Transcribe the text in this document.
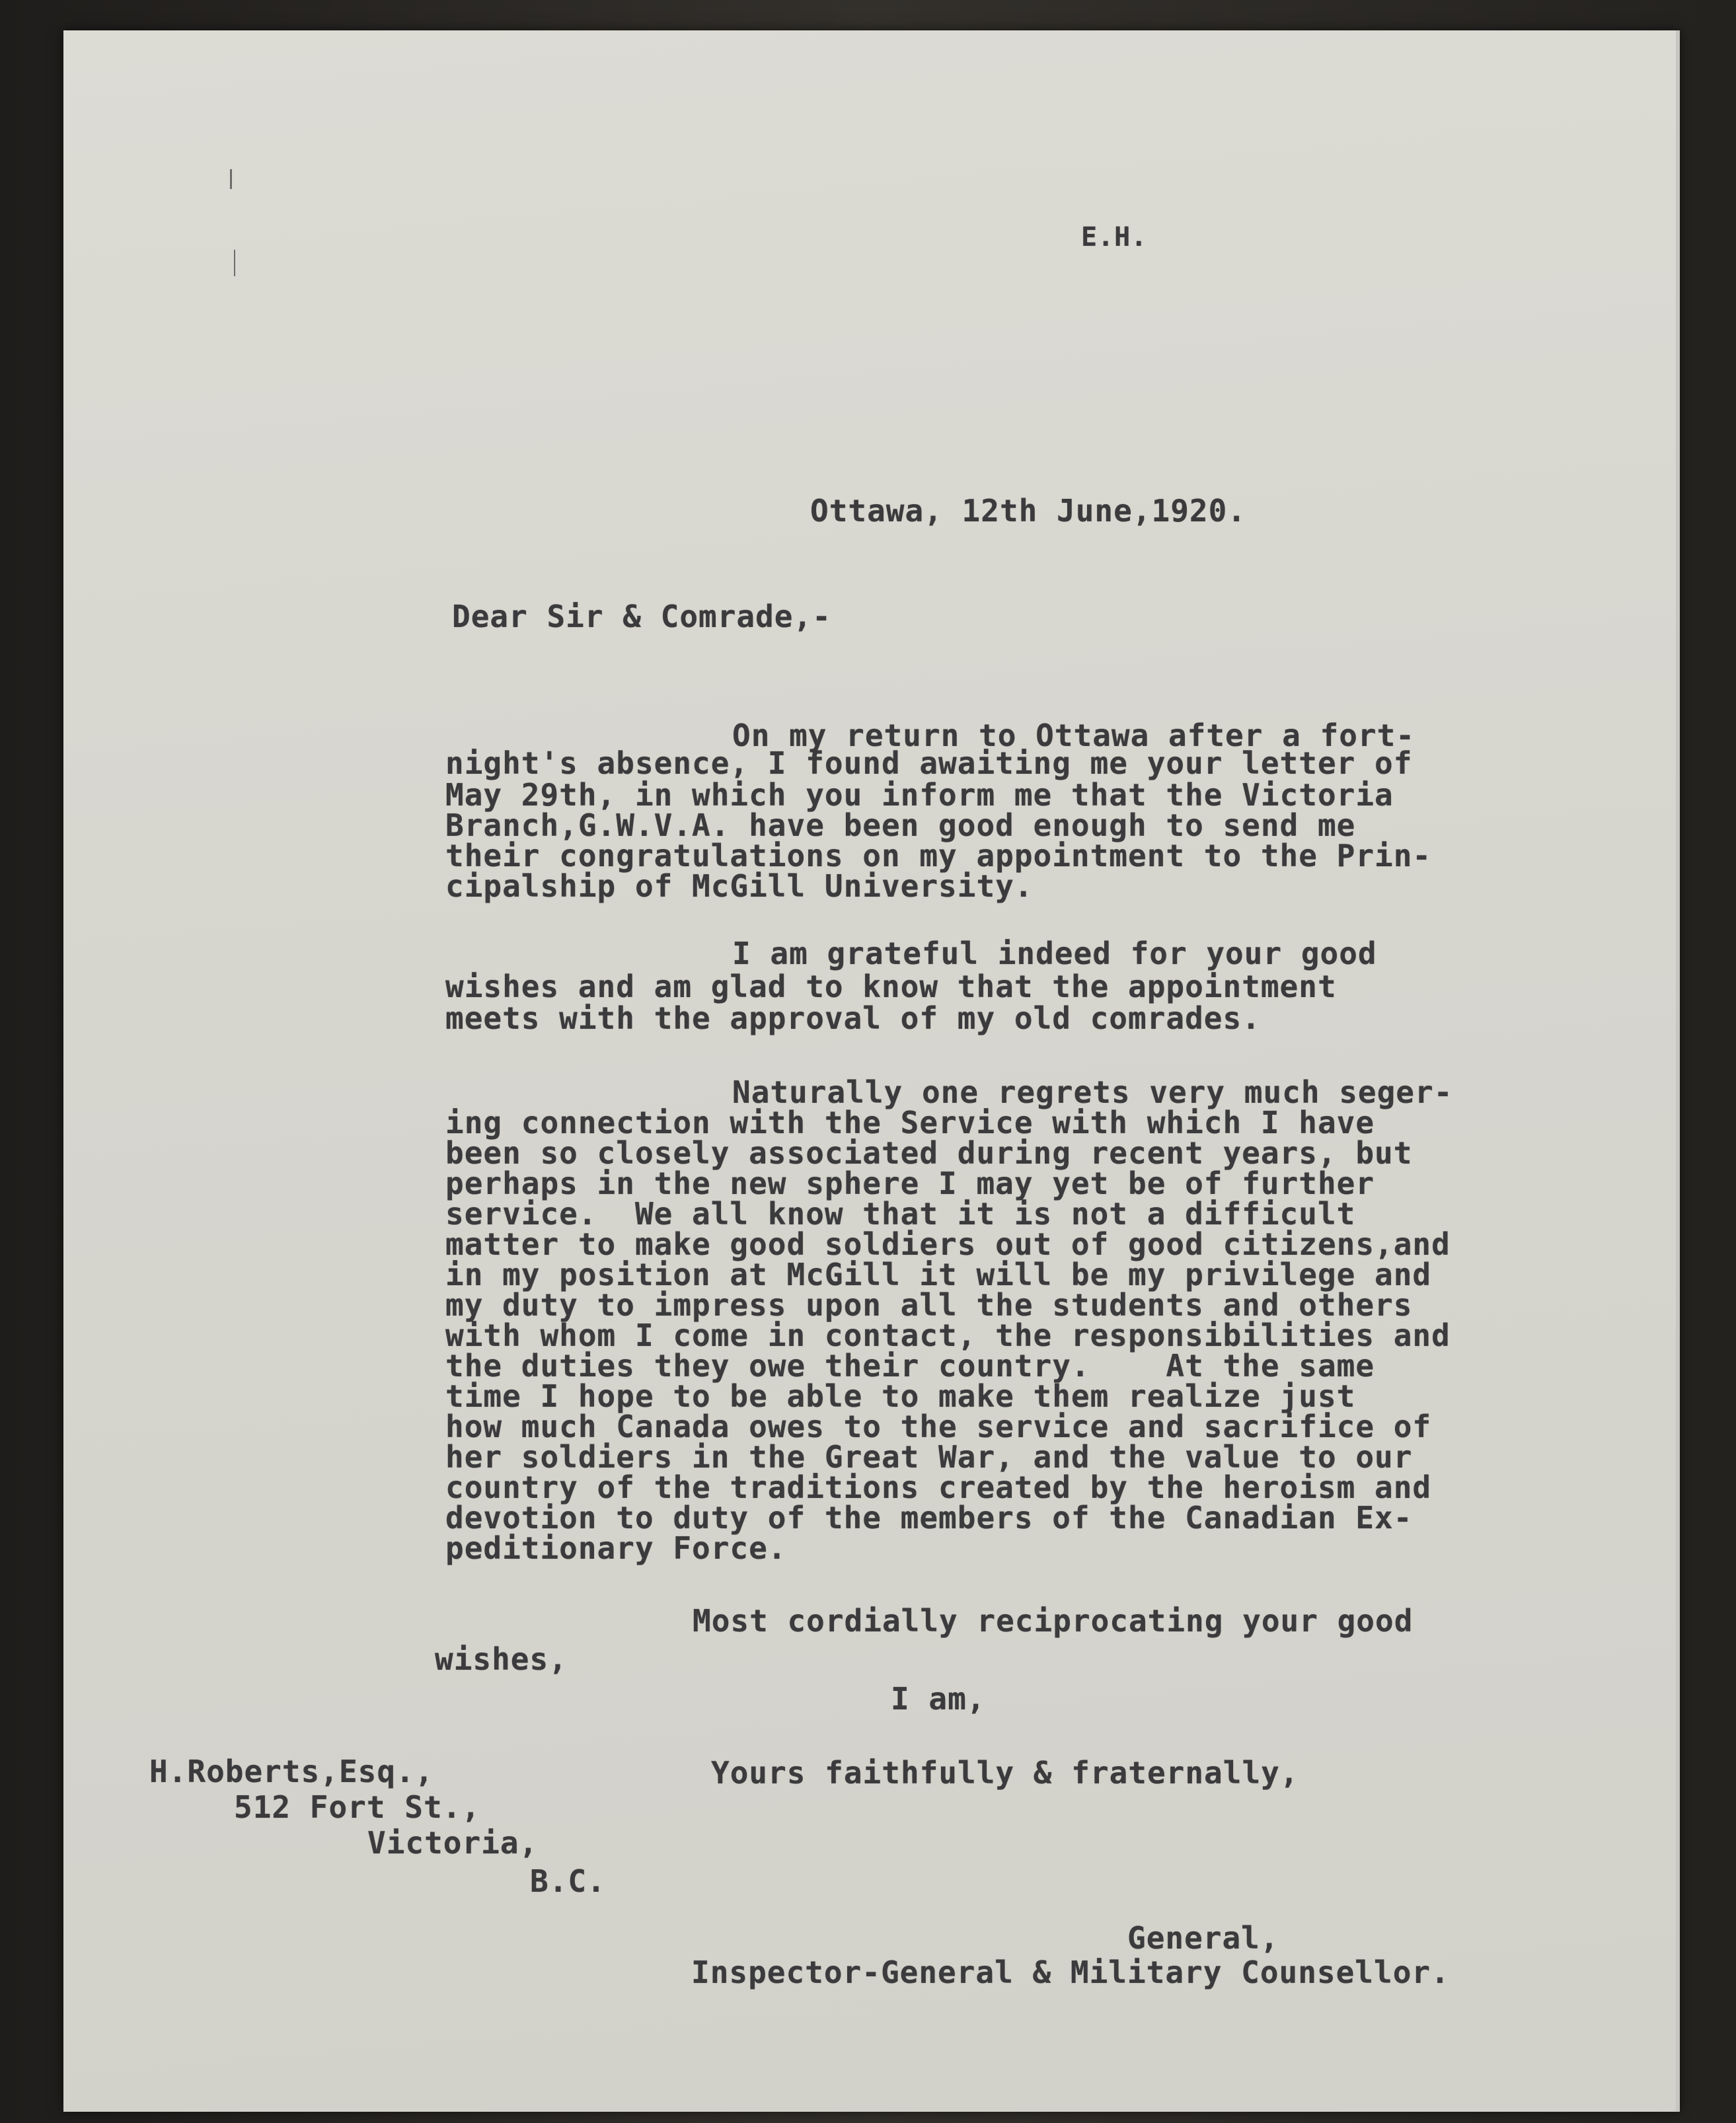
E.H.
Ottawa, 12th June,1920.
Dear Sir & Comrade,-
On my return to Ottawa after a fort-
night's absence, I found awaiting me your letter of
May 29th, in which you inform me that the Victoria
Branch,G.W.V.A. have been good enough to send me
their congratulations on my appointment to the Prin-
cipalship of McGill University.
I am grateful indeed for your good
wishes and am glad to know that the appointment
meets with the approval of my old comrades.
Naturally one regrets very much seger-
ing connection with the Service with which I have
been so closely associated during recent years, but
perhaps in the new sphere I may yet be of further
service.  We all know that it is not a difficult
matter to make good soldiers out of good citizens,and
in my position at McGill it will be my privilege and
my duty to impress upon all the students and others
with whom I come in contact, the responsibilities and
the duties they owe their country.    At the same
time I hope to be able to make them realize just
how much Canada owes to the service and sacrifice of
her soldiers in the Great War, and the value to our
country of the traditions created by the heroism and
devotion to duty of the members of the Canadian Ex-
peditionary Force.
Most cordially reciprocating your good
wishes,
I am,
Yours faithfully & fraternally,
H.Roberts,Esq.,
512 Fort St.,
Victoria,
B.C.
General,
Inspector-General & Military Counsellor.
